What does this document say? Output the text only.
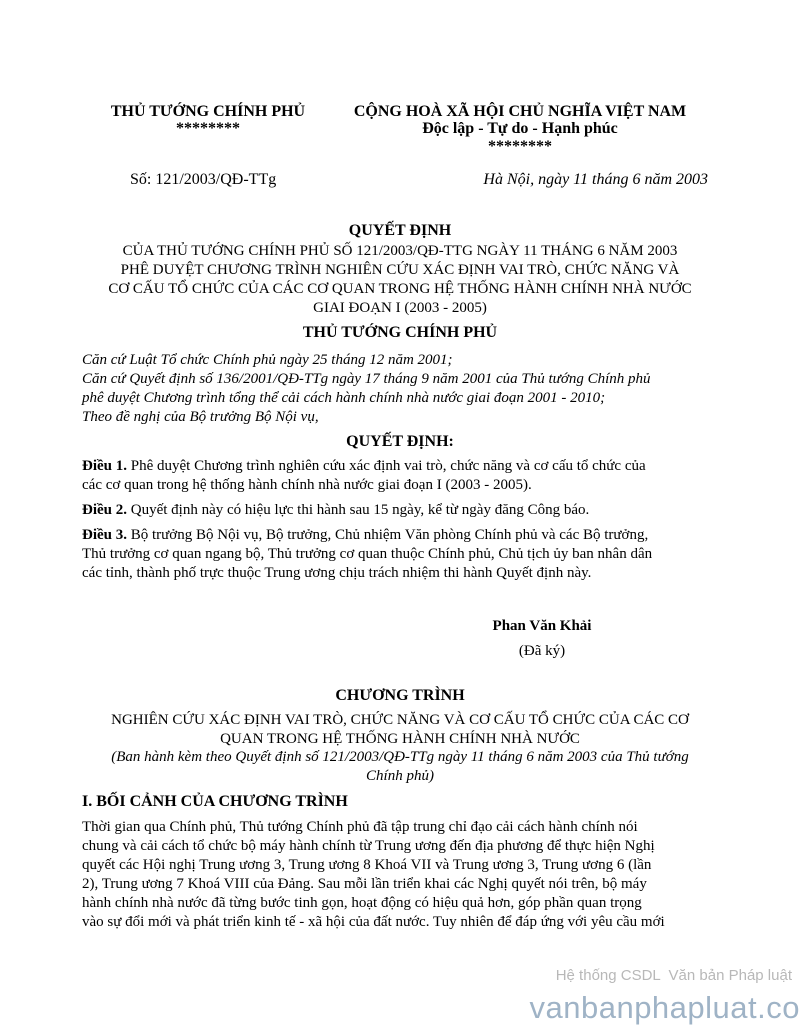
THỦ TƯỚNG CHÍNH PHỦ
********
CỘNG HOÀ XÃ HỘI CHỦ NGHĨA VIỆT NAM
Độc lập - Tự do - Hạnh phúc
********
Số: 121/2003/QĐ-TTg	Hà Nội, ngày 11 tháng 6 năm 2003
QUYẾT ĐỊNH
CỦA THỦ TƯỚNG CHÍNH PHỦ SỐ 121/2003/QĐ-TTG NGÀY 11 THÁNG 6 NĂM 2003
PHÊ DUYỆT CHƯƠNG TRÌNH NGHIÊN CỨU XÁC ĐỊNH VAI TRÒ, CHỨC NĂNG VÀ
CƠ CẤU TỔ CHỨC CỦA CÁC CƠ QUAN TRONG HỆ THỐNG HÀNH CHÍNH NHÀ NƯỚC
GIAI ĐOẠN I (2003 - 2005)
THỦ TƯỚNG CHÍNH PHỦ
Căn cứ Luật Tổ chức Chính phủ ngày 25 tháng 12 năm 2001;
Căn cứ Quyết định số 136/2001/QĐ-TTg ngày 17 tháng 9 năm 2001 của Thủ tướng Chính phủ
phê duyệt Chương trình tổng thể cải cách hành chính nhà nước giai đoạn 2001 - 2010;
Theo đề nghị của Bộ trưởng Bộ Nội vụ,
QUYẾT ĐỊNH:
Điều 1. Phê duyệt Chương trình nghiên cứu xác định vai trò, chức năng và cơ cấu tổ chức của
các cơ quan trong hệ thống hành chính nhà nước giai đoạn I (2003 - 2005).
Điều 2. Quyết định này có hiệu lực thi hành sau 15 ngày, kể từ ngày đăng Công báo.
Điều 3. Bộ trưởng Bộ Nội vụ, Bộ trưởng, Chủ nhiệm Văn phòng Chính phủ và các Bộ trưởng,
Thủ trưởng cơ quan ngang bộ, Thủ trưởng cơ quan thuộc Chính phủ, Chủ tịch ủy ban nhân dân
các tỉnh, thành phố trực thuộc Trung ương chịu trách nhiệm thi hành Quyết định này.
Phan Văn Khải
(Đã ký)
CHƯƠNG TRÌNH
NGHIÊN CỨU XÁC ĐỊNH VAI TRÒ, CHỨC NĂNG VÀ CƠ CẤU TỔ CHỨC CỦA CÁC CƠ
QUAN TRONG HỆ THỐNG HÀNH CHÍNH NHÀ NƯỚC
(Ban hành kèm theo Quyết định số 121/2003/QĐ-TTg ngày 11 tháng 6 năm 2003 của Thủ tướng
Chính phủ)
I. BỐI CẢNH CỦA CHƯƠNG TRÌNH
Thời gian qua Chính phủ, Thủ tướng Chính phủ đã tập trung chỉ đạo cải cách hành chính nói
chung và cải cách tổ chức bộ máy hành chính từ Trung ương đến địa phương để thực hiện Nghị
quyết các Hội nghị Trung ương 3, Trung ương 8 Khoá VII và Trung ương 3, Trung ương 6 (lần
2), Trung ương 7 Khoá VIII của Đảng. Sau mỗi lần triển khai các Nghị quyết nói trên, bộ máy
hành chính nhà nước đã từng bước tinh gọn, hoạt động có hiệu quả hơn, góp phần quan trọng
vào sự đổi mới và phát triển kinh tế - xã hội của đất nước. Tuy nhiên để đáp ứng với yêu cầu mới
Hệ thống CSDL  Văn bản Pháp luật
vanbanphapluat.co
